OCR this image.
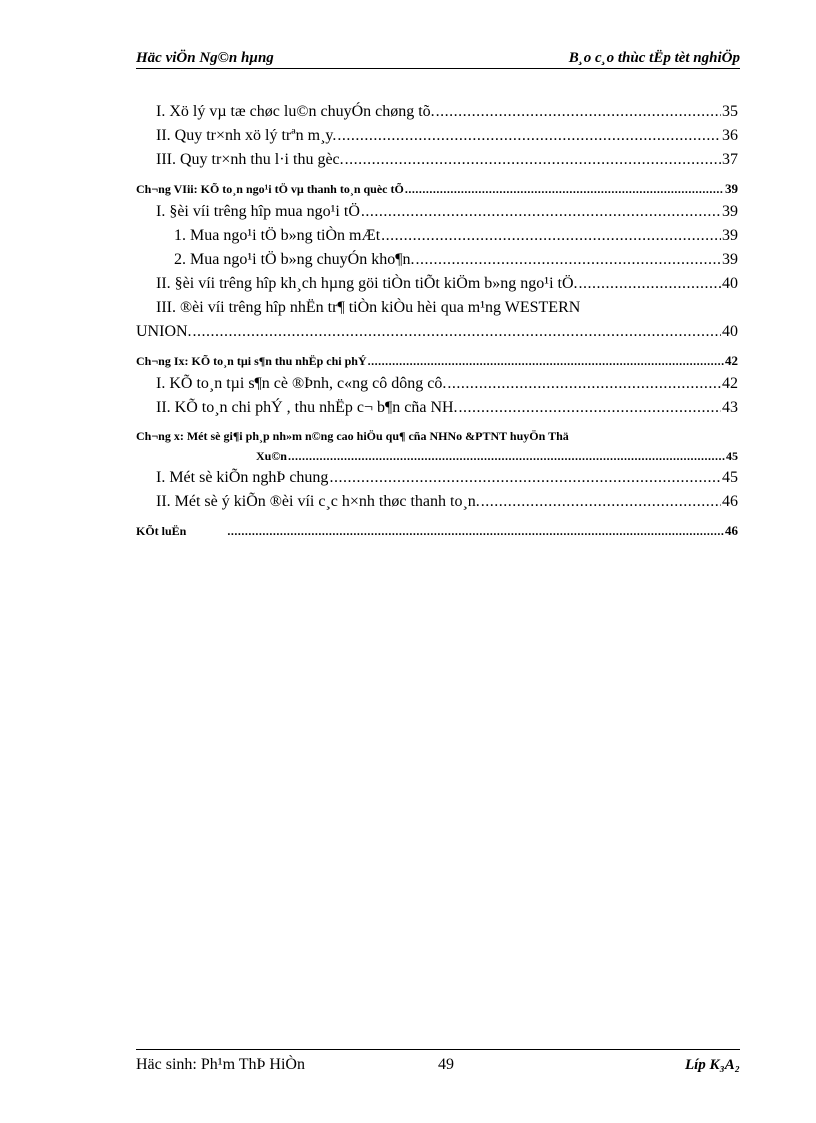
Häc viÖn Ng©n hµng	B¸o c¸o thùc tËp tèt nghiÖp
I. Xö lý vµ tæ chøc lu©n chuyÓn chøng tõ. .....	35
II. Quy tr×nh xö lý trªn m¸y. .....	36
III. Quy tr×nh thu l·i thu gèc. .....	37
Ch¬ng VIii: KÕ to¸n ngo¹i tÖ vµ thanh to¸n quèc tÕ .....	39
I. §èi víi trêng hîp mua ngo¹i tÖ .....	39
1. Mua ngo¹i tÖ b»ng tiÒn mÆt .....	39
2. Mua ngo¹i tÖ b»ng chuyÓn kho¶n. .....	39
II. §èi víi trêng hîp kh¸ch hµng göi tiÒn tiÕt kiÖm b»ng ngo¹i tÖ. .....	40
III. ®èi víi trêng hîp nhËn tr¶ tiÒn kiÒu hèi qua m¹ng WESTERN
UNION. .....	40
Ch¬ng Ix: KÕ to¸n tµi s¶n thu nhËp chi phÝ .....	42
I. KÕ to¸n tµi s¶n cè ®Þnh, c«ng cô dông cô. .....	42
II. KÕ to¸n chi phÝ , thu nhËp c¬ b¶n cña NH. .....	43
Ch¬ng x: Mét sè gi¶i ph¸p nh»m n©ng cao hiÖu qu¶ cña NHNo &PTNT huyÖn Thä
Xu©n .....	45
I. Mét sè kiÕn nghÞ chung .....	45
II. Mét sè ý kiÕn ®èi víi c¸c h×nh thøc thanh to¸n. .....	46
KÕt luËn .....	46
Häc sinh: Ph¹m ThÞ HiÒn	49	Líp K₃A₂
